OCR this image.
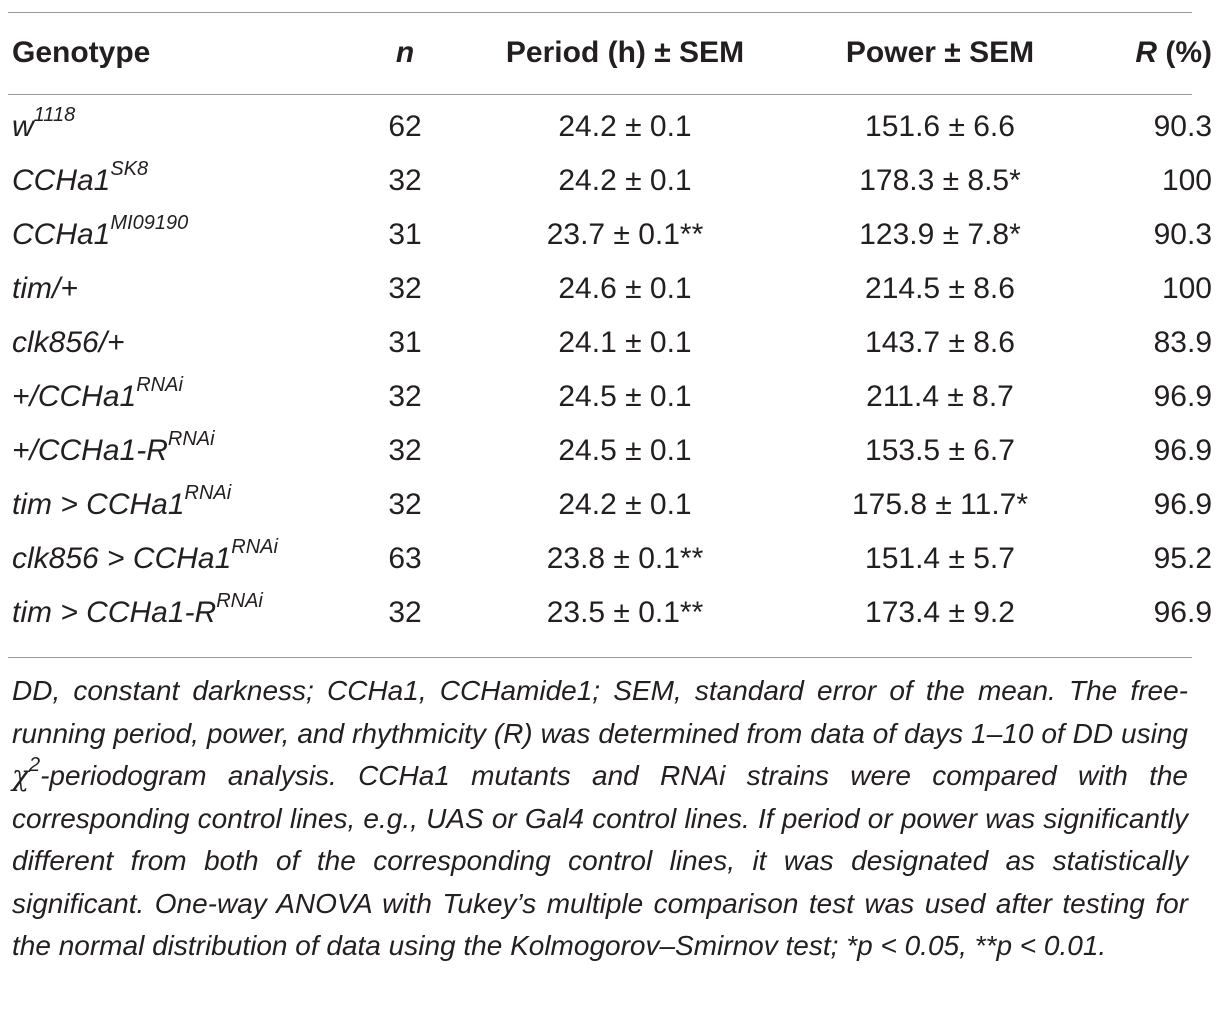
Genotype	n	Period (h) ± SEM	Power ± SEM	R (%)
$w^{1118}$	62	24.2 ± 0.1	151.6 ± 6.6	90.3
$CCHa1^{SK8}$	32	24.2 ± 0.1	178.3 ± 8.5*	100
$CCHa1^{MI09190}$	31	23.7 ± 0.1**	123.9 ± 7.8*	90.3
tim/+	32	24.6 ± 0.1	214.5 ± 8.6	100
clk856/+	31	24.1 ± 0.1	143.7 ± 8.6	83.9
$+/CCHa1^{RNAi}$	32	24.5 ± 0.1	211.4 ± 8.7	96.9
$+/CCHa1-R^{RNAi}$	32	24.5 ± 0.1	153.5 ± 6.7	96.9
tim > $CCHa1^{RNAi}$	32	24.2 ± 0.1	175.8 ± 11.7*	96.9
$clk856 > CCHa1^{RNAi}$	63	23.8 ± 0.1**	151.4 ± 5.7	95.2
tim > $CCHa1-R^{RNAi}$	32	23.5 ± 0.1**	173.4 ± 9.2	96.9
DD, constant darkness; CCHa1, CCHamide1; SEM, standard error of the mean. The free-running period, power, and rhythmicity (R) was determined from data of days 1–10 of DD using $\chi^2$-periodogram analysis. CCHa1 mutants and RNAi strains were compared with the corresponding control lines, e.g., UAS or Gal4 control lines. If period or power was significantly different from both of the corresponding control lines, it was designated as statistically significant. One-way ANOVA with Tukey’s multiple comparison test was used after testing for the normal distribution of data using the Kolmogorov–Smirnov test; *p < 0.05, **p < 0.01.
